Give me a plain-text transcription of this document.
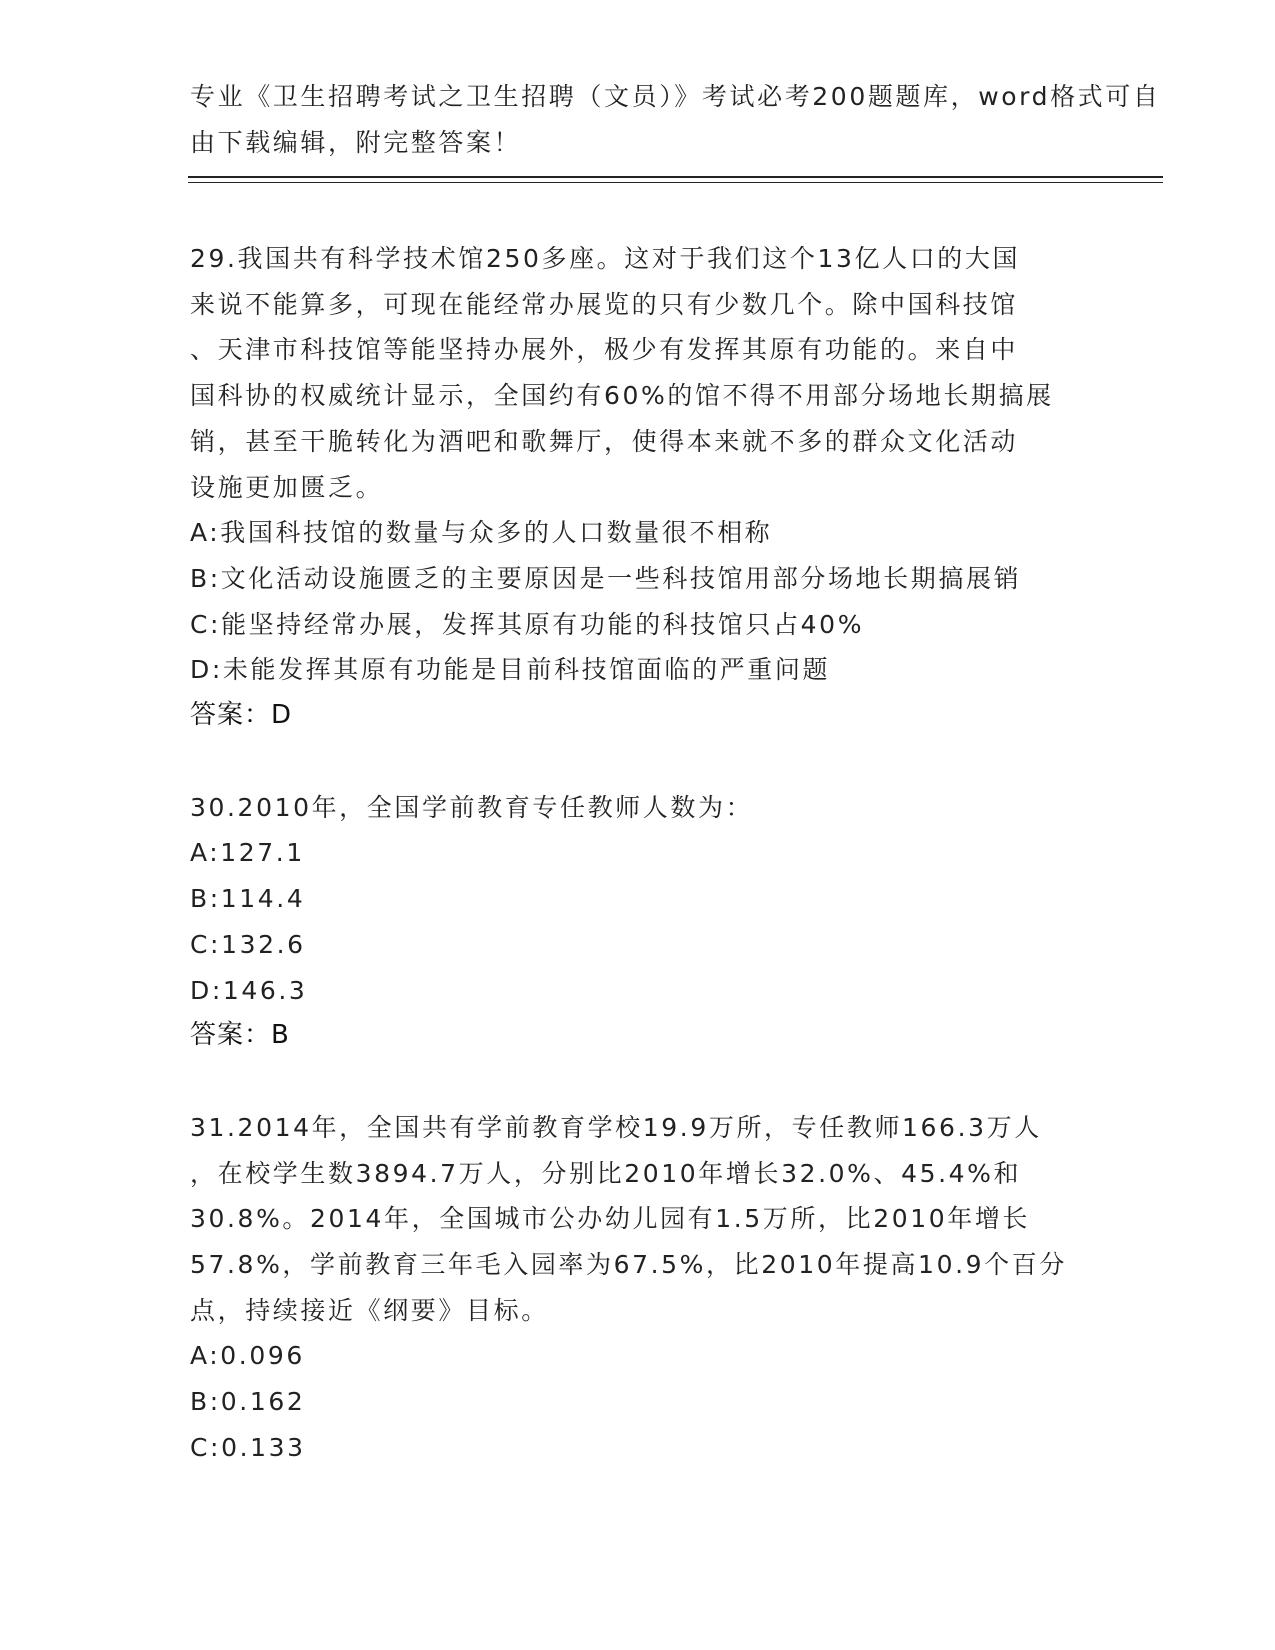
专业《卫生招聘考试之卫生招聘（文员）》考试必考200题题库，word格式可自
由下载编辑，附完整答案！
29.我国共有科学技术馆250多座。这对于我们这个13亿人口的大国
来说不能算多，可现在能经常办展览的只有少数几个。除中国科技馆
、天津市科技馆等能坚持办展外，极少有发挥其原有功能的。来自中
国科协的权威统计显示，全国约有60%的馆不得不用部分场地长期搞展
销，甚至干脆转化为酒吧和歌舞厅，使得本来就不多的群众文化活动
设施更加匮乏。
A:我国科技馆的数量与众多的人口数量很不相称
B:文化活动设施匮乏的主要原因是一些科技馆用部分场地长期搞展销
C:能坚持经常办展，发挥其原有功能的科技馆只占40%
D:未能发挥其原有功能是目前科技馆面临的严重问题
答案：D
30.2010年，全国学前教育专任教师人数为：
A:127.1
B:114.4
C:132.6
D:146.3
答案：B
31.2014年，全国共有学前教育学校19.9万所，专任教师166.3万人
，在校学生数3894.7万人，分别比2010年增长32.0%、45.4%和
30.8%。2014年，全国城市公办幼儿园有1.5万所，比2010年增长
57.8%，学前教育三年毛入园率为67.5%，比2010年提高10.9个百分
点，持续接近《纲要》目标。
A:0.096
B:0.162
C:0.133
